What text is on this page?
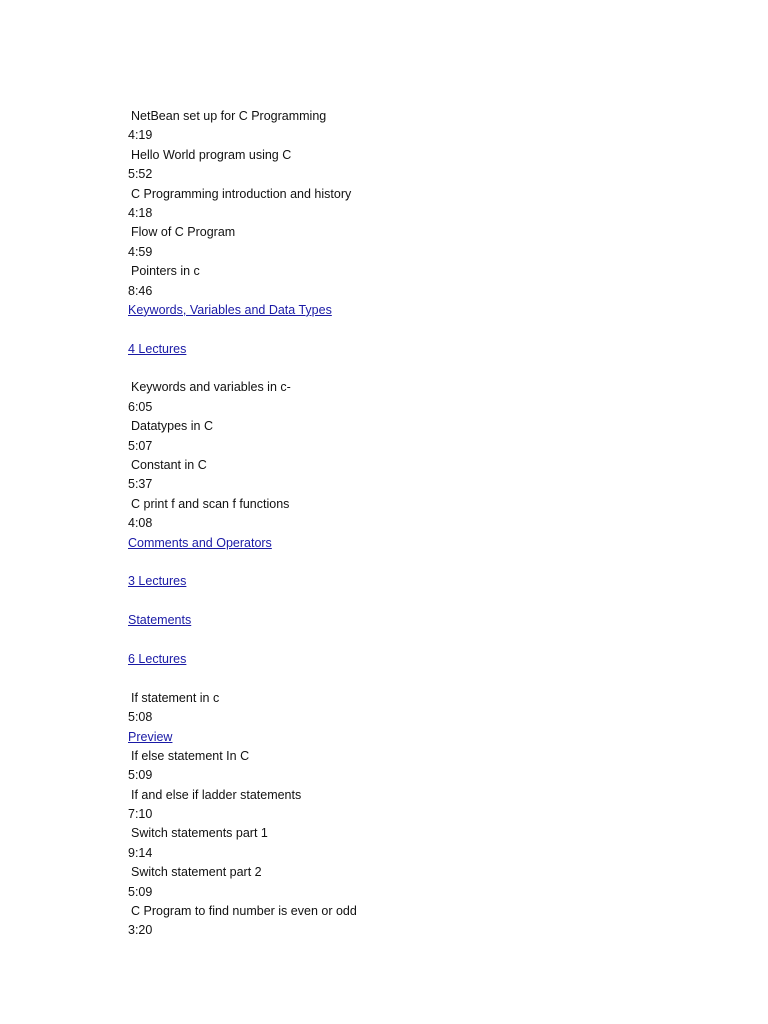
NetBean set up for C Programming

4:19

Hello World program using C

5:52

C Programming introduction and history

4:18

Flow of C Program

4:59

Pointers in c

8:46

Keywords, Variables and Data Types

4 Lectures

Keywords and variables in c-

6:05

Datatypes in C

5:07

Constant in C

5:37

C print f and scan f functions

4:08

Comments and Operators

3 Lectures

Statements

6 Lectures

If statement in c

5:08

Preview

If else statement In C

5:09

If and else if ladder statements

7:10

Switch statements part 1

9:14

Switch statement part 2

5:09

C Program to find number is even or odd

3:20
